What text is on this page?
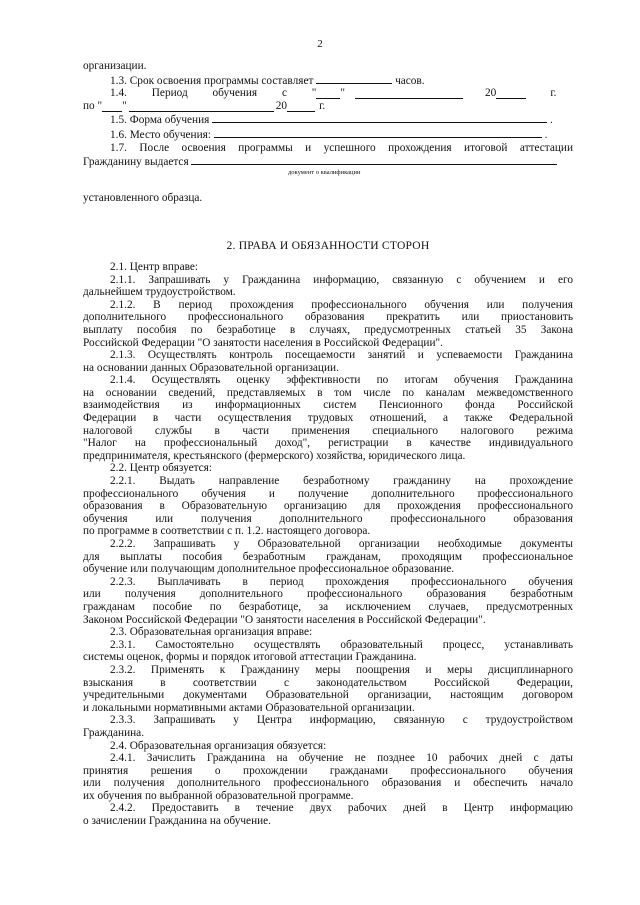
2
организации.
1.3. Срок освоения программы составляет	часов.
1.4. Период обучения с " "	20	г.
по " "	20	г.
1.5. Форма обучения	.
1.6. Место обучения:	.
1.7. После освоения программы и успешного прохождения итоговой аттестации
Гражданину выдается
документ о квалификации
установленного образца.
2. ПРАВА И ОБЯЗАННОСТИ СТОРОН
2.1. Центр вправе:
2.1.1. Запрашивать у Гражданина информацию, связанную с обучением и его
дальнейшем трудоустройством.
2.1.2. В период прохождения профессионального обучения или получения
дополнительного профессионального образования прекратить или приостановить
выплату пособия по безработице в случаях, предусмотренных статьей 35 Закона
Российской Федерации "О занятости населения в Российской Федерации".
2.1.3. Осуществлять контроль посещаемости занятий и успеваемости Гражданина
на основании данных Образовательной организации.
2.1.4. Осуществлять оценку эффективности по итогам обучения Гражданина
на основании сведений, представляемых в том числе по каналам межведомственного
взаимодействия из информационных систем Пенсионного фонда Российской
Федерации в части осуществления трудовых отношений, а также Федеральной
налоговой службы в части применения специального налогового режима
"Налог на профессиональный доход", регистрации в качестве индивидуального
предпринимателя, крестьянского (фермерского) хозяйства, юридического лица.
2.2. Центр обязуется:
2.2.1. Выдать направление безработному гражданину на прохождение
профессионального обучения и получение дополнительного профессионального
образования в Образовательную организацию для прохождения профессионального
обучения или получения дополнительного профессионального образования
по программе в соответствии с п. 1.2. настоящего договора.
2.2.2. Запрашивать у Образовательной организации необходимые документы
для выплаты пособия безработным гражданам, проходящим профессиональное
обучение или получающим дополнительное профессиональное образование.
2.2.3. Выплачивать в период прохождения профессионального обучения
или получения дополнительного профессионального образования безработным
гражданам пособие по безработице, за исключением случаев, предусмотренных
Законом Российской Федерации "О занятости населения в Российской Федерации".
2.3. Образовательная организация вправе:
2.3.1. Самостоятельно осуществлять образовательный процесс, устанавливать
системы оценок, формы и порядок итоговой аттестации Гражданина.
2.3.2. Применять к Гражданину меры поощрения и меры дисциплинарного
взыскания в соответствии с законодательством Российской Федерации,
учредительными документами Образовательной организации, настоящим договором
и локальными нормативными актами Образовательной организации.
2.3.3. Запрашивать у Центра информацию, связанную с трудоустройством
Гражданина.
2.4. Образовательная организация обязуется:
2.4.1. Зачислить Гражданина на обучение не позднее 10 рабочих дней с даты
принятия решения о прохождении гражданами профессионального обучения
или получения дополнительного профессионального образования и обеспечить начало
их обучения по выбранной образовательной программе.
2.4.2. Предоставить в течение двух рабочих дней в Центр информацию
о зачислении Гражданина на обучение.
